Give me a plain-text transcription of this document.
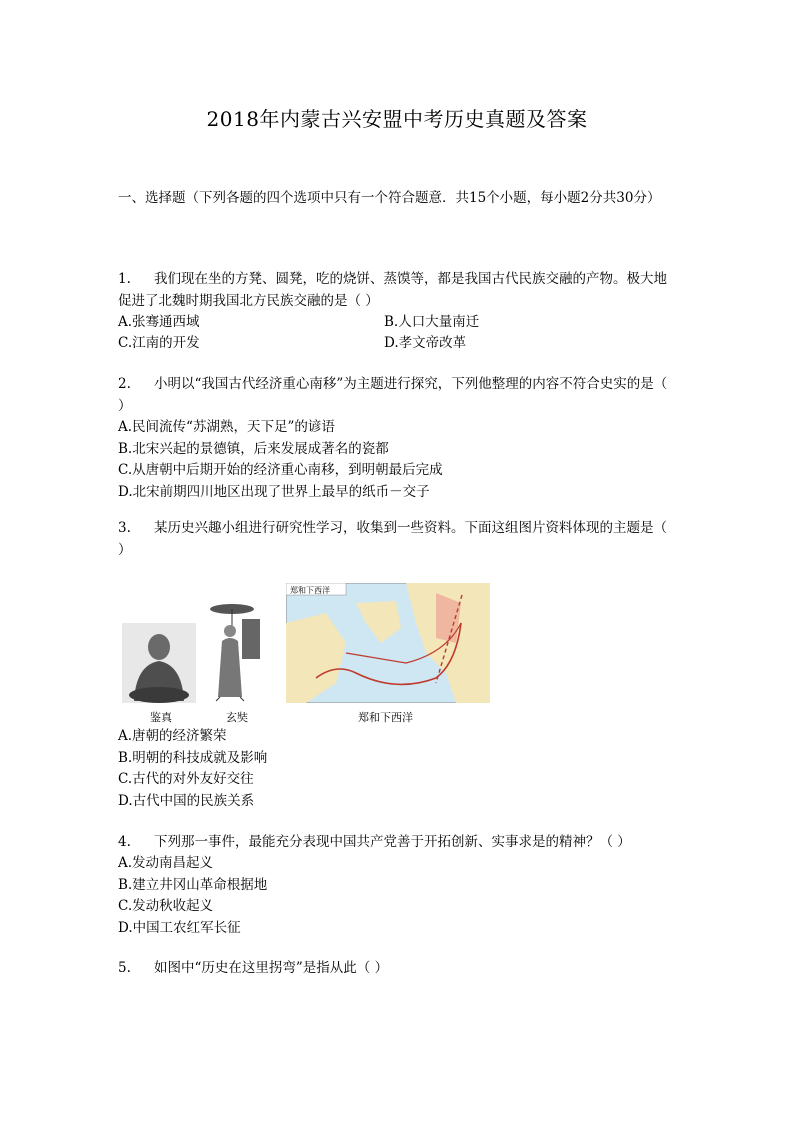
2018年内蒙古兴安盟中考历史真题及答案
一、选择题（下列各题的四个选项中只有一个符合题意．共15个小题，每小题2分共30分）
1. 我们现在坐的方凳、圆凳，吃的烧饼、蒸馍等，都是我国古代民族交融的产物。极大地促进了北魏时期我国北方民族交融的是（ ）
A.张骞通西域	B.人口大量南迁
C.江南的开发	D.孝文帝改革
2. 小明以“我国古代经济重心南移”为主题进行探究，下列他整理的内容不符合史实的是（ ）
A.民间流传“苏湖熟，天下足”的谚语
B.北宋兴起的景德镇，后来发展成著名的瓷都
C.从唐朝中后期开始的经济重心南移，到明朝最后完成
D.北宋前期四川地区出现了世界上最早的纸币－交子
3. 某历史兴趣小组进行研究性学习，收集到一些资料。下面这组图片资料体现的主题是（ ）
郑和下西洋
鉴真	玄奘	郑和下西洋
A.唐朝的经济繁荣
B.明朝的科技成就及影响
C.古代的对外友好交往
D.古代中国的民族关系
4. 下列那一事件，最能充分表现中国共产党善于开拓创新、实事求是的精神？（ ）
A.发动南昌起义
B.建立井冈山革命根据地
C.发动秋收起义
D.中国工农红军长征
5. 如图中“历史在这里拐弯”是指从此（ ）
